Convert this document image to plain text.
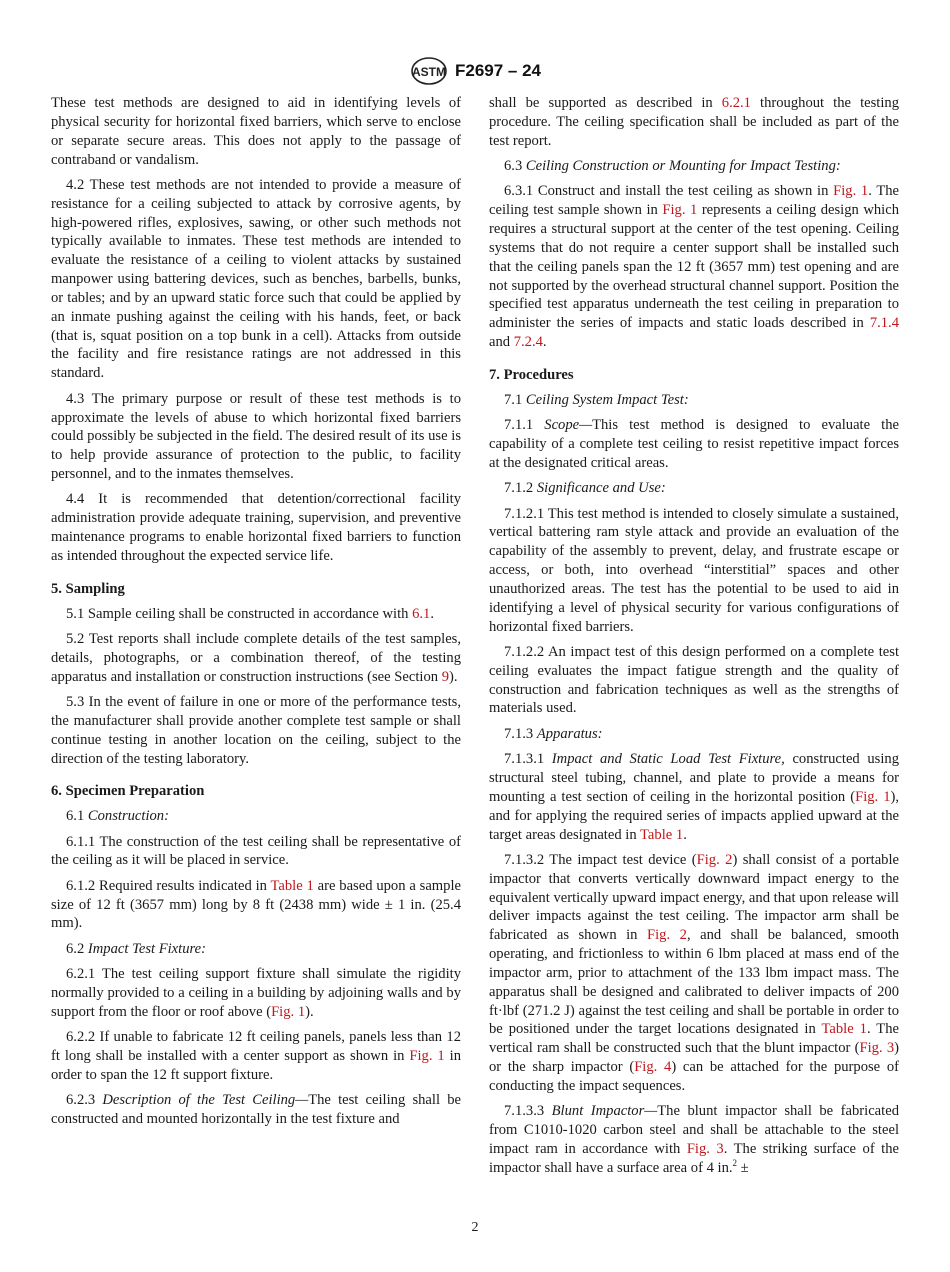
ASTM F2697 – 24

These test methods are designed to aid in identifying levels of physical security for horizontal fixed barriers, which serve to enclose or separate secure areas. This does not apply to the passage of contraband or vandalism.

4.2 These test methods are not intended to provide a measure of resistance for a ceiling subjected to attack by corrosive agents, by high-powered rifles, explosives, sawing, or other such methods not typically available to inmates. These test methods are intended to evaluate the resistance of a ceiling to violent attacks by sustained manpower using battering devices, such as benches, barbells, bunks, or tables; and by an upward static force such that could be applied by an inmate pushing against the ceiling with his hands, feet, or back (that is, squat position on a top bunk in a cell). Attacks from outside the facility and fire resistance ratings are not addressed in this standard.

4.3 The primary purpose or result of these test methods is to approximate the levels of abuse to which horizontal fixed barriers could possibly be subjected in the field. The desired result of its use is to help provide assurance of protection to the public, to facility personnel, and to the inmates themselves.

4.4 It is recommended that detention/correctional facility administration provide adequate training, supervision, and preventive maintenance programs to enable horizontal fixed barriers to function as intended throughout the expected service life.

5. Sampling

5.1 Sample ceiling shall be constructed in accordance with 6.1.

5.2 Test reports shall include complete details of the test samples, details, photographs, or a combination thereof, of the testing apparatus and installation or construction instructions (see Section 9).

5.3 In the event of failure in one or more of the performance tests, the manufacturer shall provide another complete test sample or shall continue testing in another location on the ceiling, subject to the direction of the testing laboratory.

6. Specimen Preparation

6.1 Construction:

6.1.1 The construction of the test ceiling shall be representative of the ceiling as it will be placed in service.

6.1.2 Required results indicated in Table 1 are based upon a sample size of 12 ft (3657 mm) long by 8 ft (2438 mm) wide ± 1 in. (25.4 mm).

6.2 Impact Test Fixture:

6.2.1 The test ceiling support fixture shall simulate the rigidity normally provided to a ceiling in a building by adjoining walls and by support from the floor or roof above (Fig. 1).

6.2.2 If unable to fabricate 12 ft ceiling panels, panels less than 12 ft long shall be installed with a center support as shown in Fig. 1 in order to span the 12 ft support fixture.

6.2.3 Description of the Test Ceiling—The test ceiling shall be constructed and mounted horizontally in the test fixture and

shall be supported as described in 6.2.1 throughout the testing procedure. The ceiling specification shall be included as part of the test report.

6.3 Ceiling Construction or Mounting for Impact Testing:

6.3.1 Construct and install the test ceiling as shown in Fig. 1. The ceiling test sample shown in Fig. 1 represents a ceiling design which requires a structural support at the center of the test opening. Ceiling systems that do not require a center support shall be installed such that the ceiling panels span the 12 ft (3657 mm) test opening and are not supported by the overhead structural channel support. Position the specified test apparatus underneath the test ceiling in preparation to administer the series of impacts and static loads described in 7.1.4 and 7.2.4.

7. Procedures

7.1 Ceiling System Impact Test:

7.1.1 Scope—This test method is designed to evaluate the capability of a complete test ceiling to resist repetitive impact forces at the designated critical areas.

7.1.2 Significance and Use:

7.1.2.1 This test method is intended to closely simulate a sustained, vertical battering ram style attack and provide an evaluation of the capability of the assembly to prevent, delay, and frustrate escape or access, or both, into overhead “interstitial” spaces and other unauthorized areas. The test has the potential to be used to aid in identifying a level of physical security for various configurations of horizontal fixed barriers.

7.1.2.2 An impact test of this design performed on a complete test ceiling evaluates the impact fatigue strength and the quality of construction and fabrication techniques as well as the strengths of materials used.

7.1.3 Apparatus:

7.1.3.1 Impact and Static Load Test Fixture, constructed using structural steel tubing, channel, and plate to provide a means for mounting a test section of ceiling in the horizontal position (Fig. 1), and for applying the required series of impacts applied upward at the target areas designated in Table 1.

7.1.3.2 The impact test device (Fig. 2) shall consist of a portable impactor that converts vertically downward impact energy to the equivalent vertically upward impact energy, and that upon release will deliver impacts against the test ceiling. The impactor arm shall be fabricated as shown in Fig. 2, and shall be balanced, smooth operating, and frictionless to within 6 lbm placed at mass end of the impactor arm, prior to attachment of the 133 lbm impact mass. The apparatus shall be designed and calibrated to deliver impacts of 200 ft·lbf (271.2 J) against the test ceiling and shall be portable in order to be positioned under the target locations designated in Table 1. The vertical ram shall be constructed such that the blunt impactor (Fig. 3) or the sharp impactor (Fig. 4) can be attached for the purpose of conducting the impact sequences.

7.1.3.3 Blunt Impactor—The blunt impactor shall be fabricated from C1010-1020 carbon steel and shall be attachable to the steel impact ram in accordance with Fig. 3. The striking surface of the impactor shall have a surface area of 4 in.$^2$ ±

2
